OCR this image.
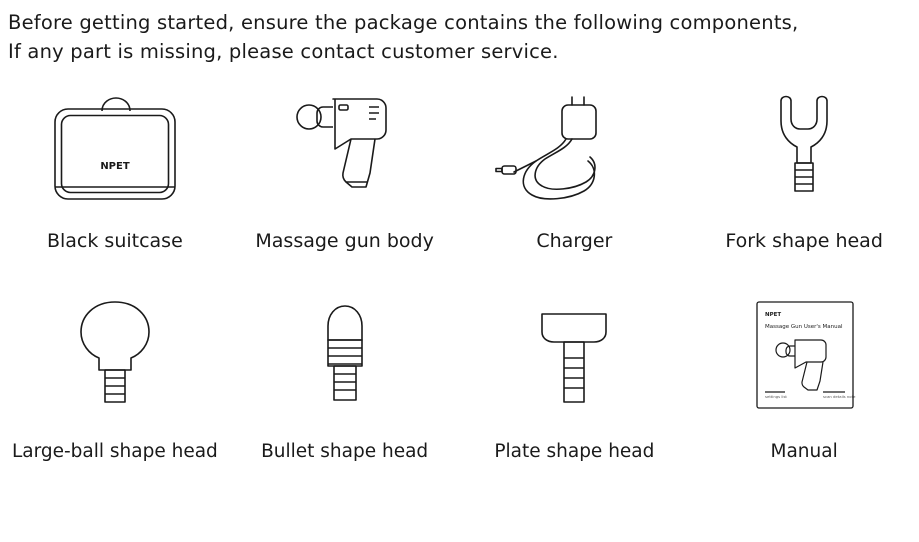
Before getting started, ensure the package contains the following components,
If any part is missing, please contact customer service.
NPET
Black suitcase	Massage gun body	Charger	Fork shape head
Large-ball shape head Bullet shape head	Plate shape head
NPET
Massage Gun User's Manual
settings list	scan details note
Manual
